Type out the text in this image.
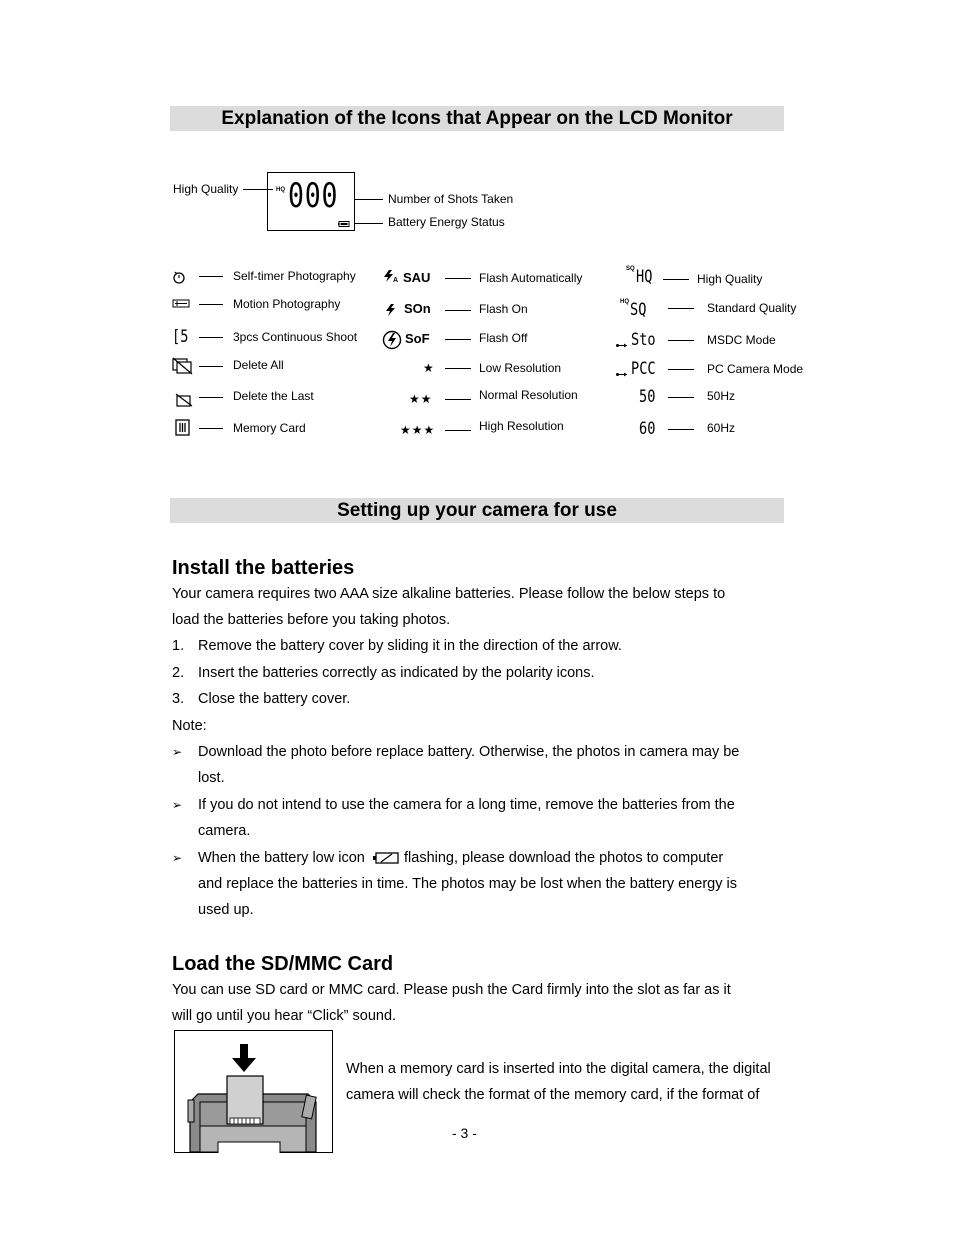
Explanation of the Icons that Appear on the LCD Monitor
High Quality	HQ 000	Number of Shots Taken
Battery Energy Status
Self-timer Photography
Motion Photography
[5	3pcs Continuous Shoot
Delete All
Delete the Last
Memory Card
A SAU	Flash Automatically
SOn	Flash On
SoF	Flash Off
★	Low Resolution
★★	Normal Resolution
★★★	High Resolution
SQ HQ	High Quality
HQ SQ	Standard Quality
Sto	MSDC Mode
PCC	PC Camera Mode
50	50Hz
60	60Hz
Setting up your camera for use
Install the batteries
Your camera requires two AAA size alkaline batteries. Please follow the below steps to
load the batteries before you taking photos.
1. Remove the battery cover by sliding it in the direction of the arrow.
2. Insert the batteries correctly as indicated by the polarity icons.
3. Close the battery cover.
Note:
➢ Download the photo before replace battery. Otherwise, the photos in camera may be
lost.
➢ If you do not intend to use the camera for a long time, remove the batteries from the
camera.
➢ When the battery low icon	flashing, please download the photos to computer
and replace the batteries in time. The photos may be lost when the battery energy is
used up.
Load the SD/MMC Card
You can use SD card or MMC card. Please push the Card firmly into the slot as far as it
will go until you hear “Click” sound.
When a memory card is inserted into the digital camera, the digital
camera will check the format of the memory card, if the format of
- 3 -
